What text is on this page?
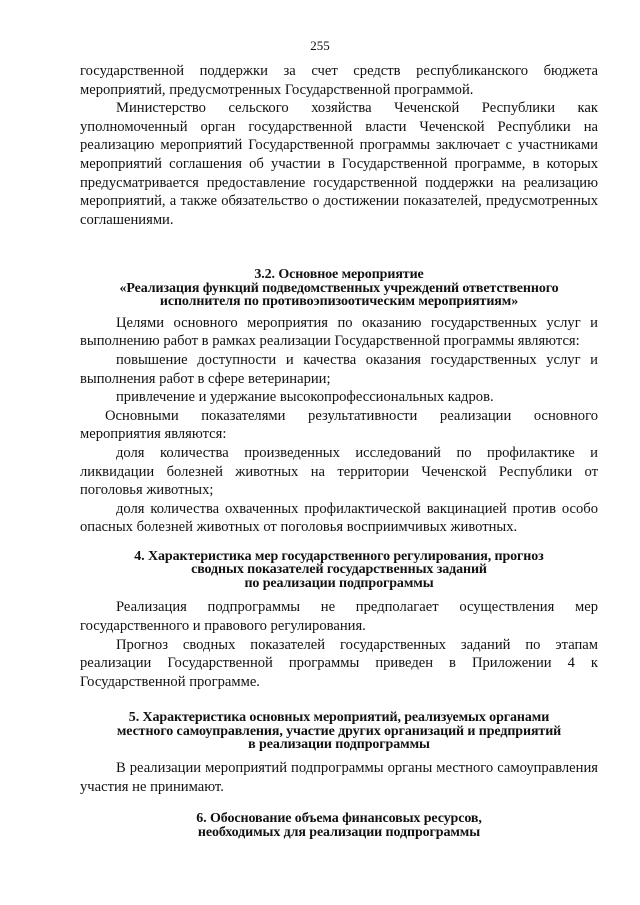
255

государственной поддержки за счет средств республиканского бюджета мероприятий, предусмотренных Государственной программой.

Министерство сельского хозяйства Чеченской Республики как уполномоченный орган государственной власти Чеченской Республики на реализацию мероприятий Государственной программы заключает с участниками мероприятий соглашения об участии в Государственной программе, в которых предусматривается предоставление государственной поддержки на реализацию мероприятий, а также обязательство о достижении показателей, предусмотренных соглашениями.

3.2. Основное мероприятие
«Реализация функций подведомственных учреждений ответственного
исполнителя по противоэпизоотическим мероприятиям»

Целями основного мероприятия по оказанию государственных услуг и выполнению работ в рамках реализации Государственной программы являются:

повышение доступности и качества оказания государственных услуг и выполнения работ в сфере ветеринарии;

привлечение и удержание высокопрофессиональных кадров.

Основными показателями результативности реализации основного мероприятия являются:

доля количества произведенных исследований по профилактике и ликвидации болезней животных на территории Чеченской Республики от поголовья животных;

доля количества охваченных профилактической вакцинацией против особо опасных болезней животных от поголовья восприимчивых животных.

4. Характеристика мер государственного регулирования, прогноз
сводных показателей государственных заданий
по реализации подпрограммы

Реализация подпрограммы не предполагает осуществления мер государственного и правового регулирования.

Прогноз сводных показателей государственных заданий по этапам реализации Государственной программы приведен в Приложении 4 к Государственной программе.

5. Характеристика основных мероприятий, реализуемых органами
местного самоуправления, участие других организаций и предприятий
в реализации подпрограммы

В реализации мероприятий подпрограммы органы местного самоуправления участия не принимают.

6. Обоснование объема финансовых ресурсов,
необходимых для реализации подпрограммы
